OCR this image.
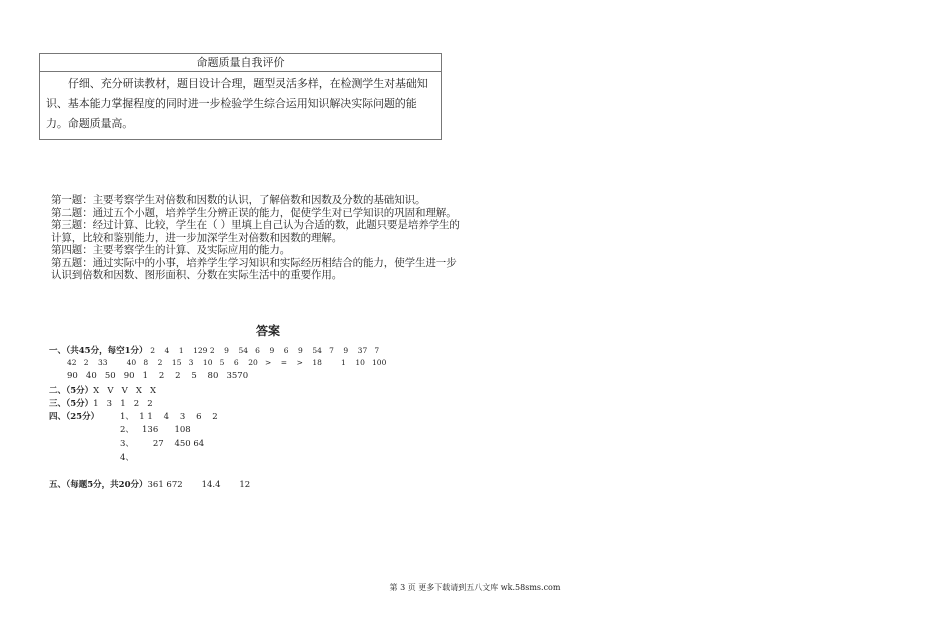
命题质量自我评价
仔细、充分研读教材，题目设计合理，题型灵活多样，在检测学生对基础知识、基本能力掌握程度的同时进一步检验学生综合运用知识解决实际问题的能力。命题质量高。

第一题：主要考察学生对倍数和因数的认识，了解倍数和因数及分数的基础知识。

第二题：通过五个小题，培养学生分辨正误的能力，促使学生对已学知识的巩固和理解。

第三题：经过计算、比较，学生在（ ）里填上自己认为合适的数，此题只要是培养学生的计算，比较和鉴别能力，进一步加深学生对倍数和因数的理解。

第四题：主要考察学生的计算、及实际应用的能力。

第五题：通过实际中的小事，培养学生学习知识和实际经历相结合的能力，使学生进一步认识到倍数和因数、图形面积、分数在实际生活中的重要作用。

答案
一、（共45分，每空1分） 2    4    1    129 2    9    54   6    9    6    9    54   7    9    37   7
42   2    33        40   8    2    15   3    10   5    6    20   >    =    >    18        1    10   100
90   40   50   90   1    2    2    5    80   3570
二、（5分）X   V   V   X   X
三、（5分）1   3   1   2   2
四、（25分） 1、  1 1    4    3    6    2
2、   136      108
3、       27    450 64
4、
五、（每题5分，共20分）361 672       14.4       12
第 3 页 更多下载请到五八文库 wk.58sms.com
